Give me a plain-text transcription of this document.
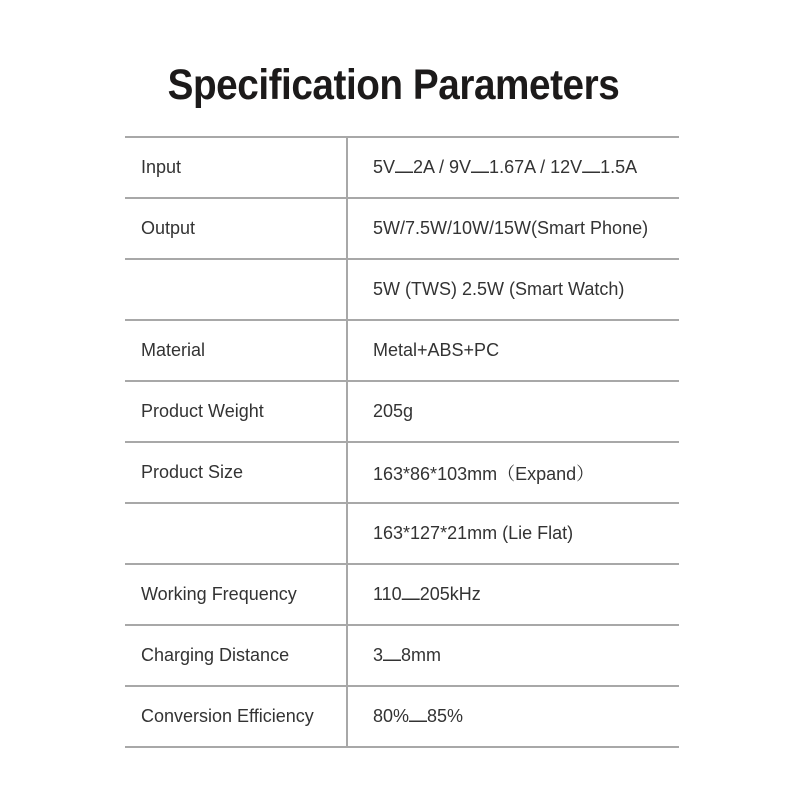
Specification Parameters
Input	5V⎼2A / 9V⎼1.67A / 12V⎼1.5A
Output	5W/7.5W/10W/15W(Smart Phone)
	5W (TWS) 2.5W (Smart Watch)
Material	Metal+ABS+PC
Product Weight	205g
Product Size	163*86*103mm（Expand）
	163*127*21mm (Lie Flat)
Working Frequency	110⎼205kHz
Charging Distance	3⎼8mm
Conversion Efficiency	80%⎼85%
